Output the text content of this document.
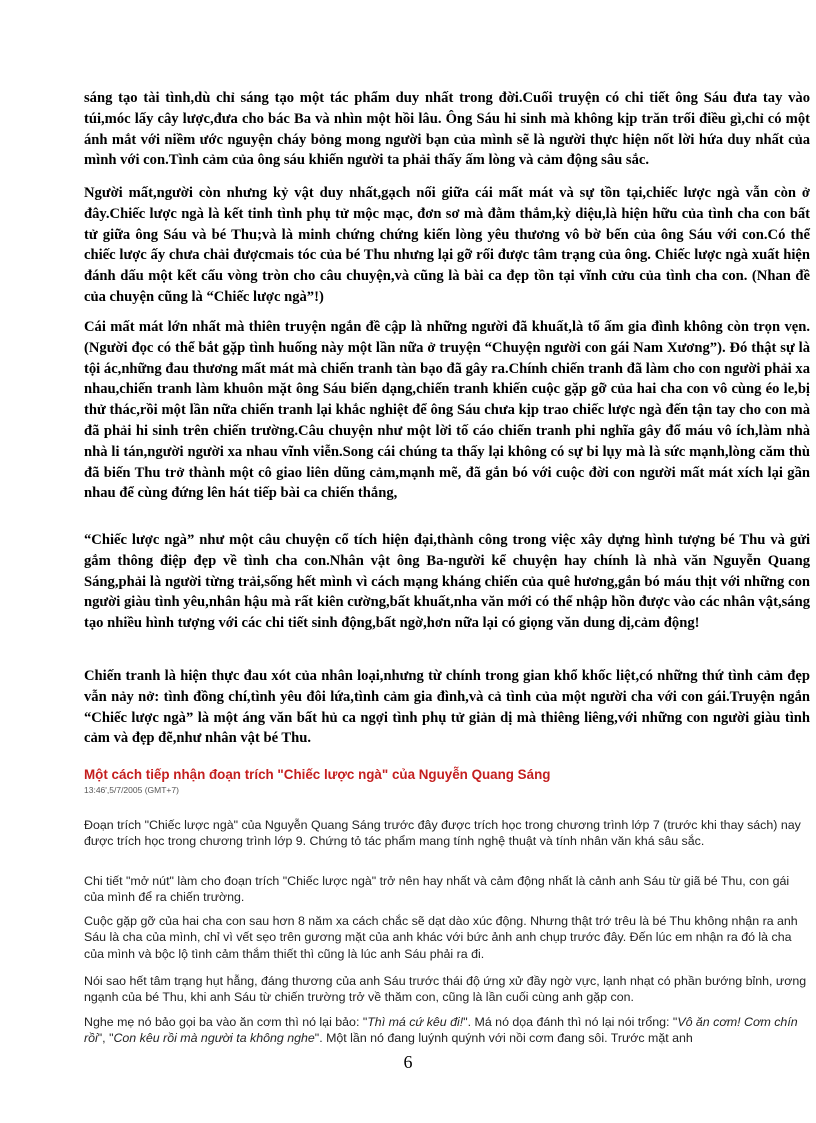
sáng tạo tài tình,dù chỉ sáng tạo một tác phẩm duy nhất trong đời.Cuối truyện có chi tiết ông Sáu đưa tay vào túi,móc lấy cây lược,đưa cho bác Ba và nhìn một hồi lâu. Ông Sáu hi sinh mà không kịp trăn trối điều gì,chỉ có một ánh mắt với niềm ước nguyện cháy bỏng mong người bạn của mình sẽ là người thực hiện nốt lời hứa duy nhất của mình với con.Tình cảm của ông sáu khiến người ta phải thấy ấm lòng và cảm động sâu sắc.

Người mất,người còn nhưng kỷ vật duy nhất,gạch nối giữa cái mất mát và sự tồn tại,chiếc lược ngà vẫn còn ở đây.Chiếc lược ngà là kết tinh tình phụ tử mộc mạc, đơn sơ mà đằm thắm,kỳ diệu,là hiện hữu của tình cha con bất tử giữa ông Sáu và bé Thu;và là minh chứng chứng kiến lòng yêu thương vô bờ bến của ông Sáu với con.Có thể chiếc lược ấy chưa chải đượcmais tóc của bé Thu nhưng lại gỡ rối được tâm trạng của ông. Chiếc lược ngà xuất hiện đánh dấu một kết cấu vòng tròn cho câu chuyện,và cũng là bài ca đẹp tồn tại vĩnh cửu của tình cha con. (Nhan đề của chuyện cũng là “Chiếc lược ngà”!)

Cái mất mát lớn nhất mà thiên truyện ngắn đề cập là những người đã khuất,là tổ ấm gia đình không còn trọn vẹn.(Người đọc có thể bắt gặp tình huống này một lần nữa ở truyện “Chuyện người con gái Nam Xương”). Đó thật sự là tội ác,những đau thương mất mát mà chiến tranh tàn bạo đã gây ra.Chính chiến tranh đã làm cho con người phải xa nhau,chiến tranh làm khuôn mặt ông Sáu biến dạng,chiến tranh khiến cuộc gặp gỡ của hai cha con vô cùng éo le,bị thử thác,rồi một lần nữa chiến tranh lại khắc nghiệt để ông Sáu chưa kịp trao chiếc lược ngà đến tận tay cho con mà đã phải hi sinh trên chiến trường.Câu chuyện như một lời tố cáo chiến tranh phi nghĩa gây đổ máu vô ích,làm nhà nhà li tán,người người xa nhau vĩnh viễn.Song cái chúng ta thấy lại không có sự bi lụy mà là sức mạnh,lòng căm thù đã biến Thu trở thành một cô giao liên dũng cảm,mạnh mẽ, đã gắn bó với cuộc đời con người mất mát xích lại gần nhau để cùng đứng lên hát tiếp bài ca chiến thắng,

“Chiếc lược ngà” như một câu chuyện cổ tích hiện đại,thành công trong việc xây dựng hình tượng bé Thu và gửi gắm thông điệp đẹp về tình cha con.Nhân vật ông Ba-người kể chuyện hay chính là nhà văn Nguyễn Quang Sáng,phải là người từng trải,sống hết mình vì cách mạng kháng chiến của quê hương,gắn bó máu thịt với những con người giàu tình yêu,nhân hậu mà rất kiên cường,bất khuất,nha văn mới có thể nhập hồn được vào các nhân vật,sáng tạo nhiều hình tượng với các chi tiết sinh động,bất ngờ,hơn nữa lại có giọng văn dung dị,cảm động!

Chiến tranh là hiện thực đau xót của nhân loại,nhưng từ chính trong gian khổ khốc liệt,có những thứ tình cảm đẹp vẫn nảy nở: tình đồng chí,tình yêu đôi lứa,tình cảm gia đình,và cả tình của một người cha với con gái.Truyện ngắn “Chiếc lược ngà” là một áng văn bất hủ ca ngợi tình phụ tử giản dị mà thiêng liêng,với những con người giàu tình cảm và đẹp đẽ,như nhân vật bé Thu.

Một cách tiếp nhận đoạn trích "Chiếc lược ngà" của Nguyễn Quang Sáng

13:46',5/7/2005 (GMT+7)

Đoạn trích "Chiếc lược ngà" của Nguyễn Quang Sáng trước đây được trích học trong chương trình lớp 7 (trước khi thay sách) nay được trích học trong chương trình lớp 9. Chứng tỏ tác phẩm mang tính nghệ thuật và tính nhân văn khá sâu sắc.

Chi tiết "mở nút" làm cho đoạn trích "Chiếc lược ngà" trở nên hay nhất và cảm động nhất là cảnh anh Sáu từ giã bé Thu, con gái của mình để ra chiến trường.

Cuộc gặp gỡ của hai cha con sau hơn 8 năm xa cách chắc sẽ dạt dào xúc động. Nhưng thật trớ trêu là bé Thu không nhận ra anh Sáu là cha của mình, chỉ vì vết sẹo trên gương mặt của anh khác với bức ảnh anh chụp trước đây. Đến lúc em nhận ra đó là cha của mình và bộc lộ tình cảm thắm thiết thì cũng là lúc anh Sáu phải ra đi.

Nói sao hết tâm trạng hụt hẫng, đáng thương của anh Sáu trước thái độ ứng xử đầy ngờ vực, lạnh nhạt có phần bướng bỉnh, ương ngạnh của bé Thu, khi anh Sáu từ chiến trường trở về thăm con, cũng là lần cuối cùng anh gặp con.

Nghe mẹ nó bảo gọi ba vào ăn cơm thì nó lại bảo: "Thì má cứ kêu đi!". Má nó dọa đánh thì nó lại nói trổng: "Vô ăn cơm! Cơm chín rồi", "Con kêu rồi mà người ta không nghe". Một lần nó đang luýnh quýnh với nồi cơm đang sôi. Trước mặt anh

6
